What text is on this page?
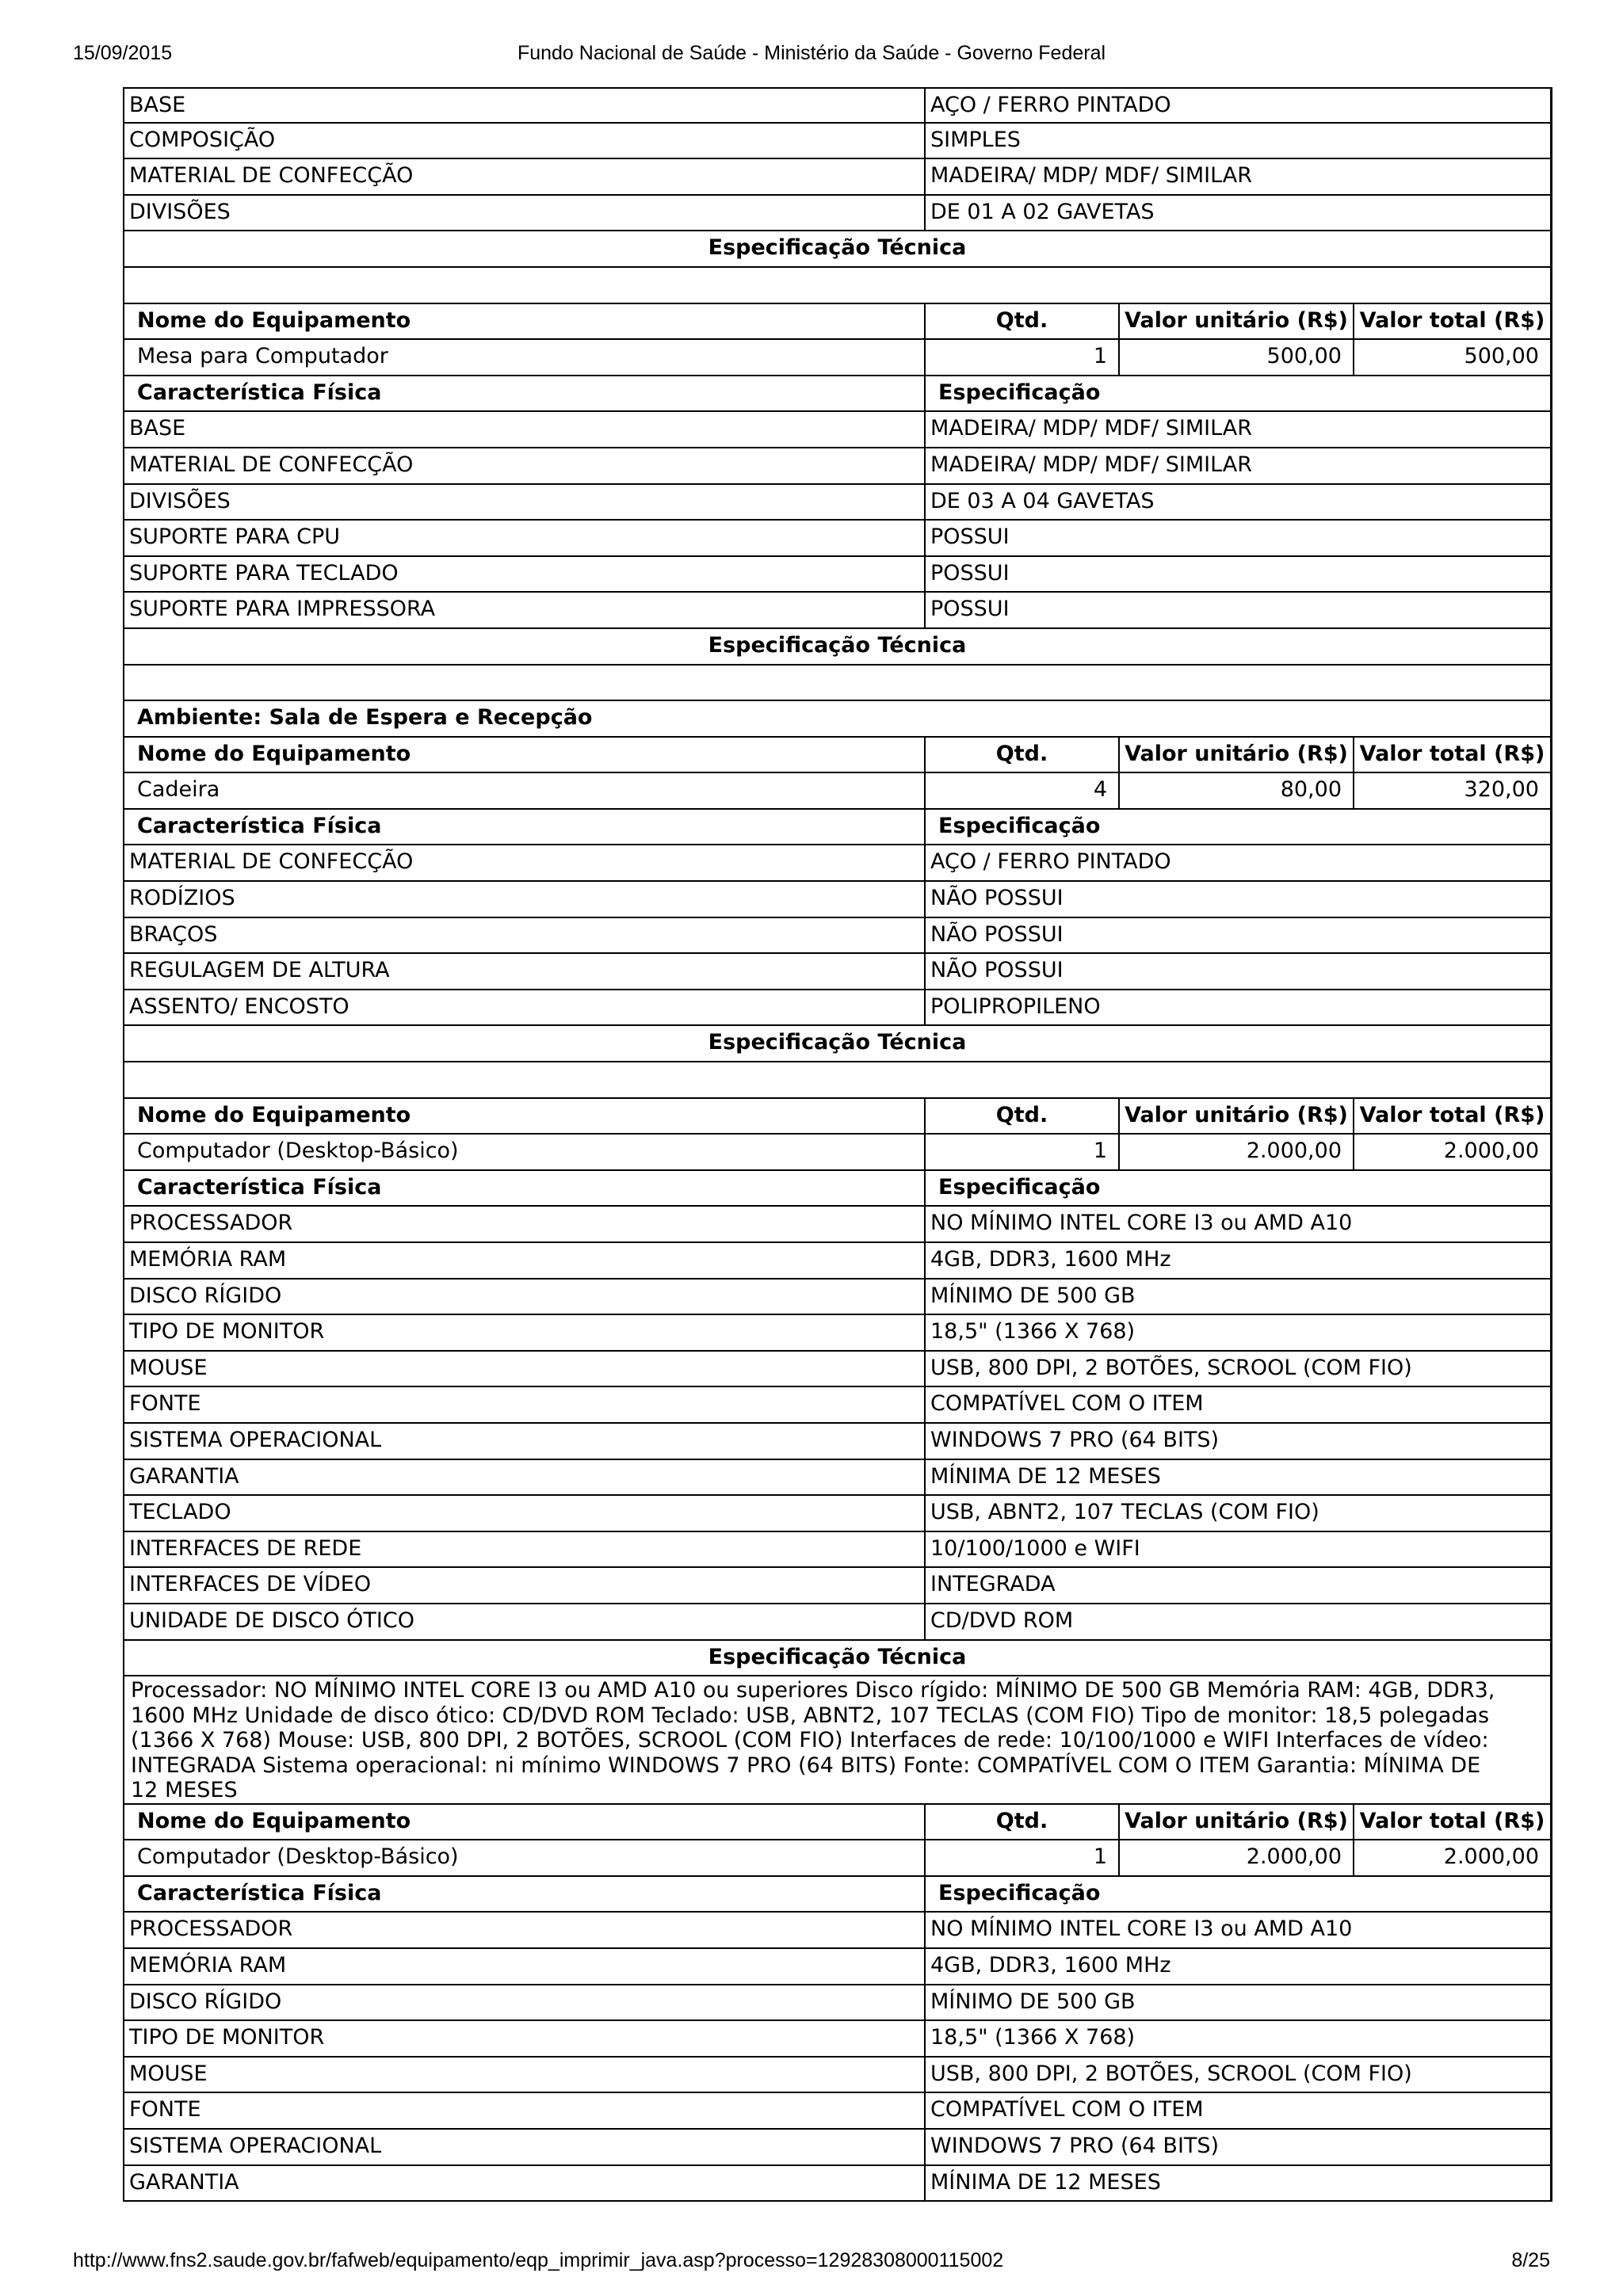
15/09/2015	Fundo Nacional de Saúde - Ministério da Saúde - Governo Federal
BASE	AÇO / FERRO PINTADO
COMPOSIÇÃO	SIMPLES
MATERIAL DE CONFECÇÃO	MADEIRA/ MDP/ MDF/ SIMILAR
DIVISÕES	DE 01 A 02 GAVETAS
Especificação Técnica
Nome do Equipamento	Qtd.	Valor unitário (R$) Valor total (R$)
Mesa para Computador	1	500,00	500,00
Característica Física	Especificação
BASE	MADEIRA/ MDP/ MDF/ SIMILAR
MATERIAL DE CONFECÇÃO	MADEIRA/ MDP/ MDF/ SIMILAR
DIVISÕES	DE 03 A 04 GAVETAS
SUPORTE PARA CPU	POSSUI
SUPORTE PARA TECLADO	POSSUI
SUPORTE PARA IMPRESSORA	POSSUI
Especificação Técnica
Ambiente: Sala de Espera e Recepção
Nome do Equipamento	Qtd.	Valor unitário (R$) Valor total (R$)
Cadeira	4	80,00	320,00
Característica Física	Especificação
MATERIAL DE CONFECÇÃO	AÇO / FERRO PINTADO
RODÍZIOS	NÃO POSSUI
BRAÇOS	NÃO POSSUI
REGULAGEM DE ALTURA	NÃO POSSUI
ASSENTO/ ENCOSTO	POLIPROPILENO
Especificação Técnica
Nome do Equipamento	Qtd.	Valor unitário (R$) Valor total (R$)
Computador (Desktop-Básico)	1	2.000,00	2.000,00
Característica Física	Especificação
PROCESSADOR	NO MÍNIMO INTEL CORE I3 ou AMD A10
MEMÓRIA RAM	4GB, DDR3, 1600 MHz
DISCO RÍGIDO	MÍNIMO DE 500 GB
TIPO DE MONITOR	18,5" (1366 X 768)
MOUSE	USB, 800 DPI, 2 BOTÕES, SCROOL (COM FIO)
FONTE	COMPATÍVEL COM O ITEM
SISTEMA OPERACIONAL	WINDOWS 7 PRO (64 BITS)
GARANTIA	MÍNIMA DE 12 MESES
TECLADO	USB, ABNT2, 107 TECLAS (COM FIO)
INTERFACES DE REDE	10/100/1000 e WIFI
INTERFACES DE VÍDEO	INTEGRADA
UNIDADE DE DISCO ÓTICO	CD/DVD ROM
Especificação Técnica
Processador: NO MÍNIMO INTEL CORE I3 ou AMD A10 ou superiores Disco rígido: MÍNIMO DE 500 GB Memória RAM: 4GB, DDR3,
1600 MHz Unidade de disco ótico: CD/DVD ROM Teclado: USB, ABNT2, 107 TECLAS (COM FIO) Tipo de monitor: 18,5 polegadas
(1366 X 768) Mouse: USB, 800 DPI, 2 BOTÕES, SCROOL (COM FIO) Interfaces de rede: 10/100/1000 e WIFI Interfaces de vídeo:
INTEGRADA Sistema operacional: ni mínimo WINDOWS 7 PRO (64 BITS) Fonte: COMPATÍVEL COM O ITEM Garantia: MÍNIMA DE
12 MESES
Nome do Equipamento	Qtd.	Valor unitário (R$) Valor total (R$)
Computador (Desktop-Básico)	1	2.000,00	2.000,00
Característica Física	Especificação
PROCESSADOR	NO MÍNIMO INTEL CORE I3 ou AMD A10
MEMÓRIA RAM	4GB, DDR3, 1600 MHz
DISCO RÍGIDO	MÍNIMO DE 500 GB
TIPO DE MONITOR	18,5" (1366 X 768)
MOUSE	USB, 800 DPI, 2 BOTÕES, SCROOL (COM FIO)
FONTE	COMPATÍVEL COM O ITEM
SISTEMA OPERACIONAL	WINDOWS 7 PRO (64 BITS)
GARANTIA	MÍNIMA DE 12 MESES
http://www.fns2.saude.gov.br/fafweb/equipamento/eqp_imprimir_java.asp?processo=12928308000115002	8/25
